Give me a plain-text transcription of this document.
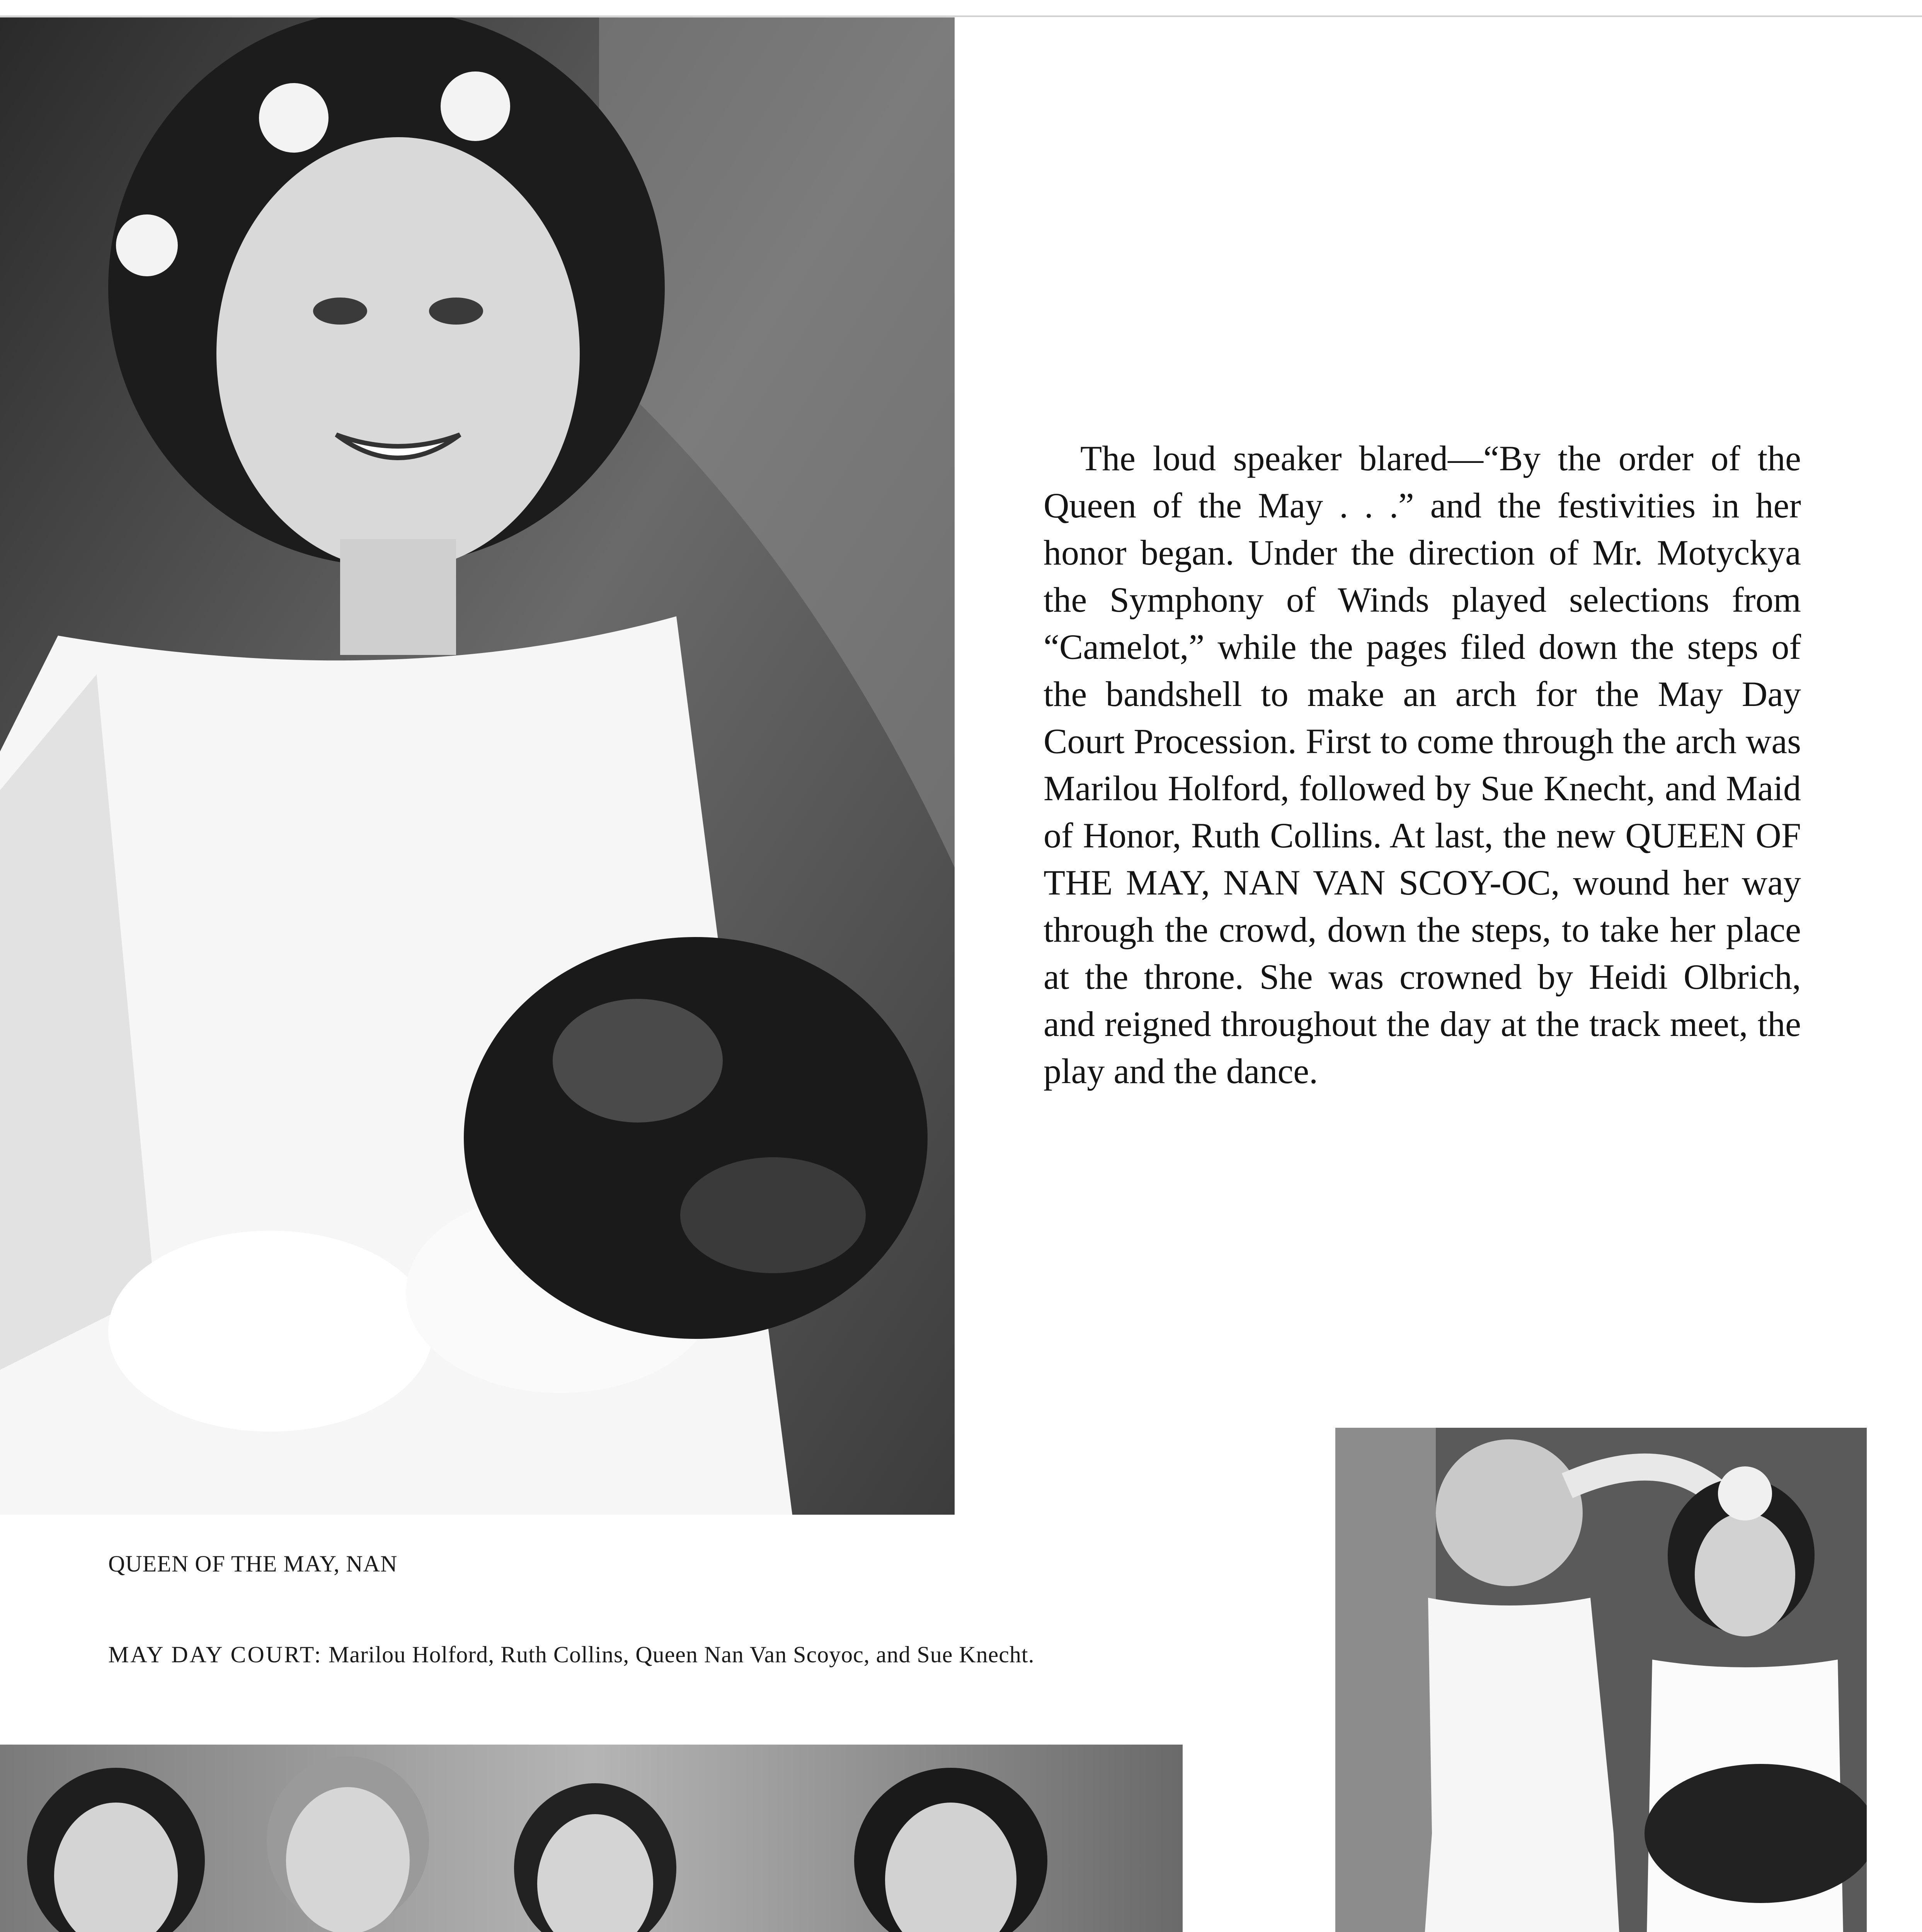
The loud speaker blared—“By the order of the Queen of the May . . .” and the festivities in her honor began. Under the direction of Mr. Motyckya the Symphony of Winds played selections from “Camelot,” while the pages filed down the steps of the bandshell to make an arch for the May Day Court Procession. First to come through the arch was Marilou Holford, followed by Sue Knecht, and Maid of Honor, Ruth Collins. At last, the new QUEEN OF THE MAY, NAN VAN SCOY-OC, wound her way through the crowd, down the steps, to take her place at the throne. She was crowned by Heidi Olbrich, and reigned throughout the day at the track meet, the play and the dance.

QUEEN OF THE MAY, NAN
MAY DAY COURT: Marilou Holford, Ruth Collins, Queen Nan Van Scoyoc, and Sue Knecht.
